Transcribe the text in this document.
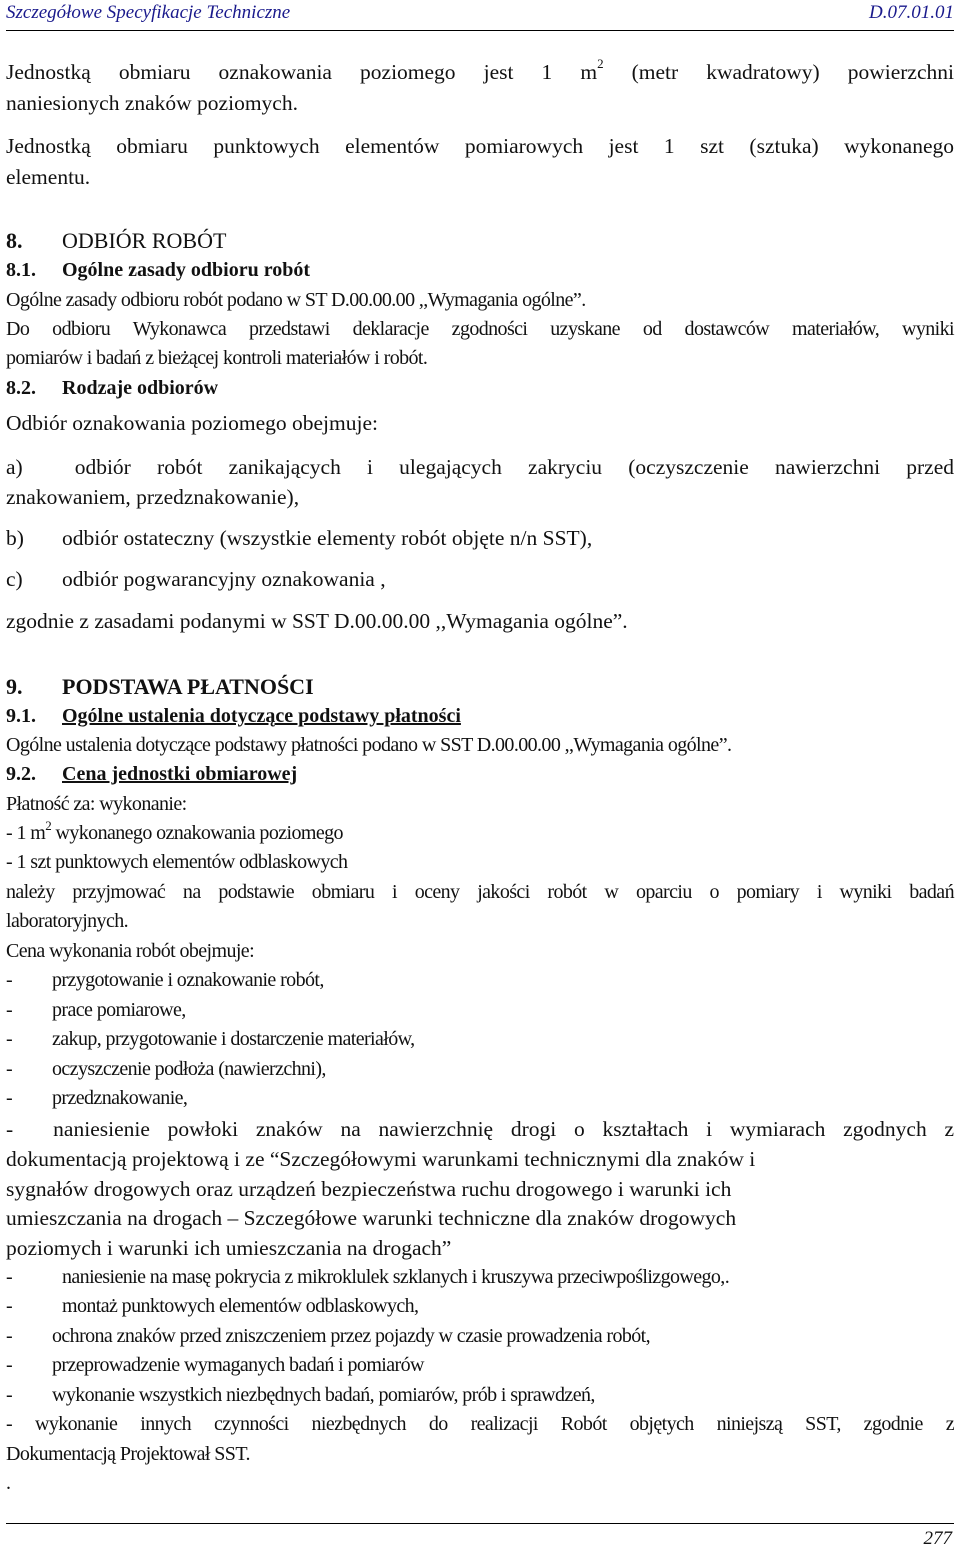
Szczegółowe Specyfikacje Techniczne	D.07.01.01
Jednostką obmiaru oznakowania poziomego jest 1 $m^2$ (metr kwadratowy) powierzchni
naniesionych znaków poziomych.
Jednostką obmiaru punktowych elementów pomiarowych jest 1 szt (sztuka) wykonanego
elementu.
8. ODBIÓR ROBÓT
8.1. Ogólne zasady odbioru robót
Ogólne zasady odbioru robót podano w ST D.00.00.00 ,,Wymagania ogólne”.
Do odbioru Wykonawca przedstawi deklaracje zgodności uzyskane od dostawców materiałów, wyniki
pomiarów i badań z bieżącej kontroli materiałów i robót.
8.2. Rodzaje odbiorów
Odbiór oznakowania poziomego obejmuje:
a) odbiór robót zanikających i ulegających zakryciu (oczyszczenie nawierzchni przed
znakowaniem, przedznakowanie),
b) odbiór ostateczny (wszystkie elementy robót objęte n/n SST),
c) odbiór pogwarancyjny oznakowania ,
zgodnie z zasadami podanymi w SST D.00.00.00 ,,Wymagania ogólne”.
9. PODSTAWA PŁATNOŚCI
9.1. Ogólne ustalenia dotyczące podstawy płatności
Ogólne ustalenia dotyczące podstawy płatności podano w SST D.00.00.00 ,,Wymagania ogólne”.
9.2. Cena jednostki obmiarowej
Płatność za: wykonanie:
- 1 $m^2$ wykonanego oznakowania poziomego
- 1 szt punktowych elementów odblaskowych
należy przyjmować na podstawie obmiaru i oceny jakości robót w oparciu o pomiary i wyniki badań
laboratoryjnych.
Cena wykonania robót obejmuje:
- przygotowanie i oznakowanie robót,
- prace pomiarowe,
- zakup, przygotowanie i dostarczenie materiałów,
- oczyszczenie podłoża (nawierzchni),
- przedznakowanie,
- naniesienie powłoki znaków na nawierzchnię drogi o kształtach i wymiarach zgodnych z
dokumentacją projektową i ze “Szczegółowymi warunkami technicznymi dla znaków i
sygnałów drogowych oraz urządzeń bezpieczeństwa ruchu drogowego i warunki ich
umieszczania na drogach – Szczegółowe warunki techniczne dla znaków drogowych
poziomych i warunki ich umieszczania na drogach”
- naniesienie na masę pokrycia z mikroklulek szklanych i kruszywa przeciwpoślizgowego,.
- montaż punktowych elementów odblaskowych,
- ochrona znaków przed zniszczeniem przez pojazdy w czasie prowadzenia robót,
- przeprowadzenie wymaganych badań i pomiarów
- wykonanie wszystkich niezbędnych badań, pomiarów, prób i sprawdzeń,
- wykonanie innych czynności niezbędnych do realizacji Robót objętych niniejszą SST, zgodnie z
Dokumentacją Projektował SST.
.
277
